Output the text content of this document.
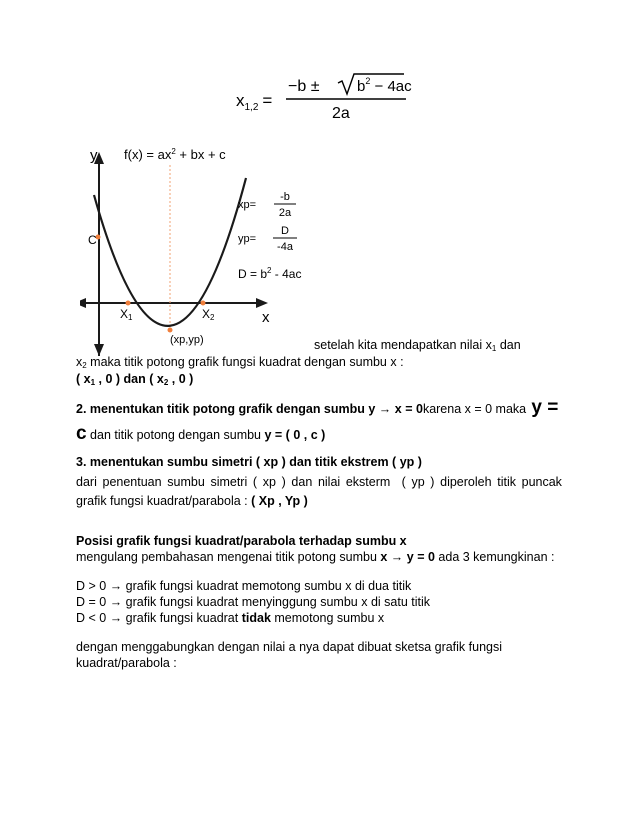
$x_{1,2}$ =
−b ±	$b^2 - 4ac$
2a
y
x
$f(x) = ax^2$ + bx + c
C
X1	X2
(xp,yp)
xp=
-b
2a
yp=
D
-4a
$D = b^2 - 4ac$
setelah kita mendapatkan nilai $x_1$ dan
$x_2$ maka titik potong grafik fungsi kuadrat dengan sumbu x :
( $x_1$ , 0 ) dan ( $x_2$ , 0 )
2. menentukan titik potong grafik dengan sumbu y → x = 0karena x = 0 maka y =
c dan titik potong dengan sumbu y = ( 0 , c )
3. menentukan sumbu simetri ( xp ) dan titik ekstrem ( yp )
dari penentuan sumbu simetri ( xp ) dan nilai eksterm ( yp ) diperoleh titik puncak
grafik fungsi kuadrat/parabola : ( Xp , Yp )
Posisi grafik fungsi kuadrat/parabola terhadap sumbu x
mengulang pembahasan mengenai titik potong sumbu x → y = 0 ada 3 kemungkinan :
D > 0 → grafik fungsi kuadrat memotong sumbu x di dua titik
D = 0 → grafik fungsi kuadrat menyinggung sumbu x di satu titik
D < 0 → grafik fungsi kuadrat tidak memotong sumbu x
dengan menggabungkan dengan nilai a nya dapat dibuat sketsa grafik fungsi
kuadrat/parabola :
